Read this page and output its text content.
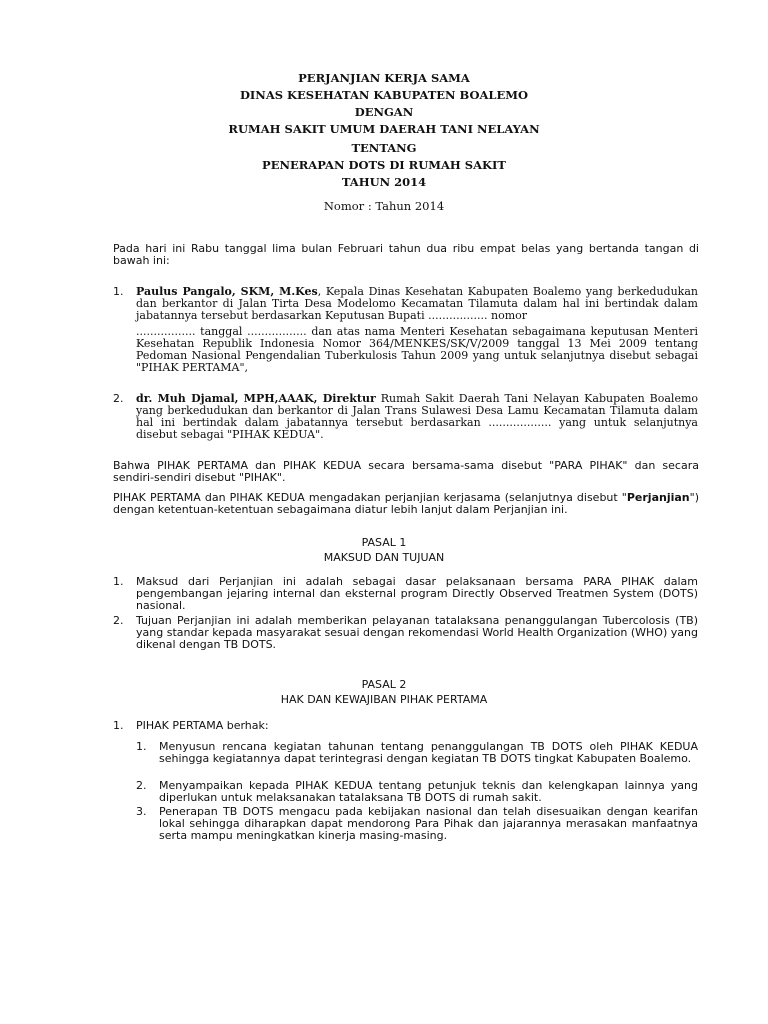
PERJANJIAN KERJA SAMA
DINAS KESEHATAN KABUPATEN BOALEMO
DENGAN
RUMAH SAKIT UMUM DAERAH TANI NELAYAN
TENTANG
PENERAPAN DOTS DI RUMAH SAKIT
TAHUN 2014
Nomor : Tahun 2014
Pada hari ini Rabu tanggal lima bulan Februari tahun dua ribu empat belas yang bertanda tangan di bawah ini:
1. Paulus Pangalo, SKM, M.Kes, Kepala Dinas Kesehatan Kabupaten Boalemo yang berkedudukan dan berkantor di Jalan Tirta Desa Modelomo Kecamatan Tilamuta dalam hal ini bertindak dalam jabatannya tersebut berdasarkan Keputusan Bupati ................. nomor
................. tanggal ................. dan atas nama Menteri Kesehatan sebagaimana keputusan Menteri Kesehatan Republik Indonesia Nomor 364/MENKES/SK/V/2009 tanggal 13 Mei 2009 tentang Pedoman Nasional Pengendalian Tuberkulosis Tahun 2009 yang untuk selanjutnya disebut sebagai "PIHAK PERTAMA",
2. dr. Muh Djamal, MPH,AAAK, Direktur Rumah Sakit Daerah Tani Nelayan Kabupaten Boalemo yang berkedudukan dan berkantor di Jalan Trans Sulawesi Desa Lamu Kecamatan Tilamuta dalam hal ini bertindak dalam jabatannya tersebut berdasarkan .................. yang untuk selanjutnya disebut sebagai "PIHAK KEDUA".
Bahwa PIHAK PERTAMA dan PIHAK KEDUA secara bersama-sama disebut "PARA PIHAK" dan secara sendiri-sendiri disebut "PIHAK".
PIHAK PERTAMA dan PIHAK KEDUA mengadakan perjanjian kerjasama (selanjutnya disebut "Perjanjian") dengan ketentuan-ketentuan sebagaimana diatur lebih lanjut dalam Perjanjian ini.
PASAL 1
MAKSUD DAN TUJUAN
1. Maksud dari Perjanjian ini adalah sebagai dasar pelaksanaan bersama PARA PIHAK dalam pengembangan jejaring internal dan eksternal program Directly Observed Treatmen System (DOTS) nasional.
2. Tujuan Perjanjian ini adalah memberikan pelayanan tatalaksana penanggulangan Tubercolosis (TB) yang standar kepada masyarakat sesuai dengan rekomendasi World Health Organization (WHO) yang dikenal dengan TB DOTS.
PASAL 2
HAK DAN KEWAJIBAN PIHAK PERTAMA
1. PIHAK PERTAMA berhak:
1. Menyusun rencana kegiatan tahunan tentang penanggulangan TB DOTS oleh PIHAK KEDUA sehingga kegiatannya dapat terintegrasi dengan kegiatan TB DOTS tingkat Kabupaten Boalemo.
2. Menyampaikan kepada PIHAK KEDUA tentang petunjuk teknis dan kelengkapan lainnya yang diperlukan untuk melaksanakan tatalaksana TB DOTS di rumah sakit.
3. Penerapan TB DOTS mengacu pada kebijakan nasional dan telah disesuaikan dengan kearifan lokal sehingga diharapkan dapat mendorong Para Pihak dan jajarannya merasakan manfaatnya serta mampu meningkatkan kinerja masing-masing.
